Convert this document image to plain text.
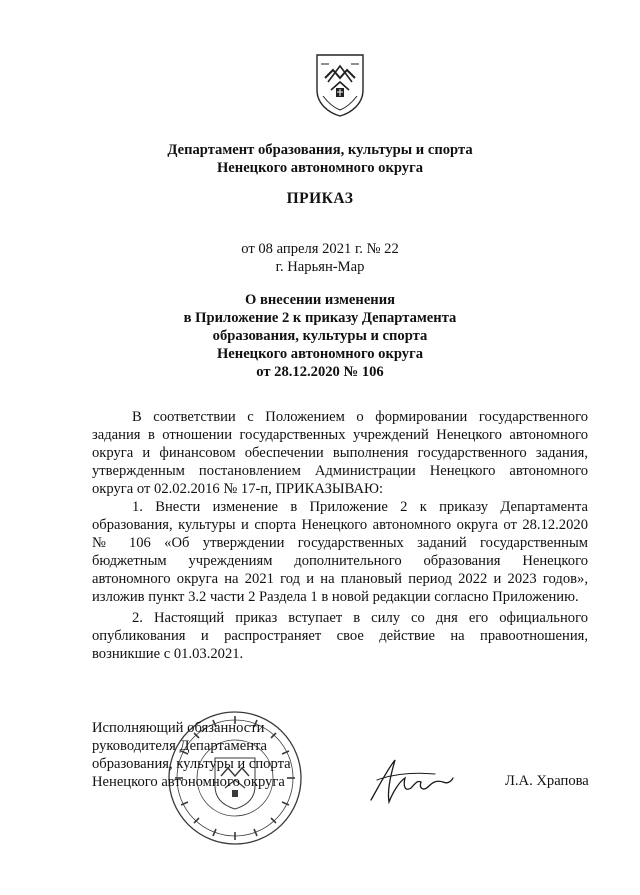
Департамент образования, культуры и спорта
Ненецкого автономного округа
ПРИКАЗ
от 08 апреля 2021 г. № 22
г. Нарьян-Мар
О внесении изменения
в Приложение 2 к приказу Департамента
образования, культуры и спорта
Ненецкого автономного округа
от 28.12.2020 № 106

В соответствии с Положением о формировании государственного задания в отношении государственных учреждений Ненецкого автономного округа и финансовом обеспечении выполнения государственного задания, утвержденным постановлением Администрации Ненецкого автономного округа от 02.02.2016 № 17-п, ПРИКАЗЫВАЮ:

1. Внести изменение в Приложение 2 к приказу Департамента образования, культуры и спорта Ненецкого автономного округа от 28.12.2020 № 106 «Об утверждении государственных заданий государственным бюджетным учреждениям дополнительного образования Ненецкого автономного округа на 2021 год и на плановый период 2022 и 2023 годов», изложив пункт 3.2 части 2 Раздела 1 в новой редакции согласно Приложению.

2. Настоящий приказ вступает в силу со дня его официального опубликования и распространяет свое действие на правоотношения, возникшие с 01.03.2021.

Исполняющий обязанности
руководителя Департамента
образования, культуры и спорта
Ненецкого автономного округа	Л.А. Храпова
